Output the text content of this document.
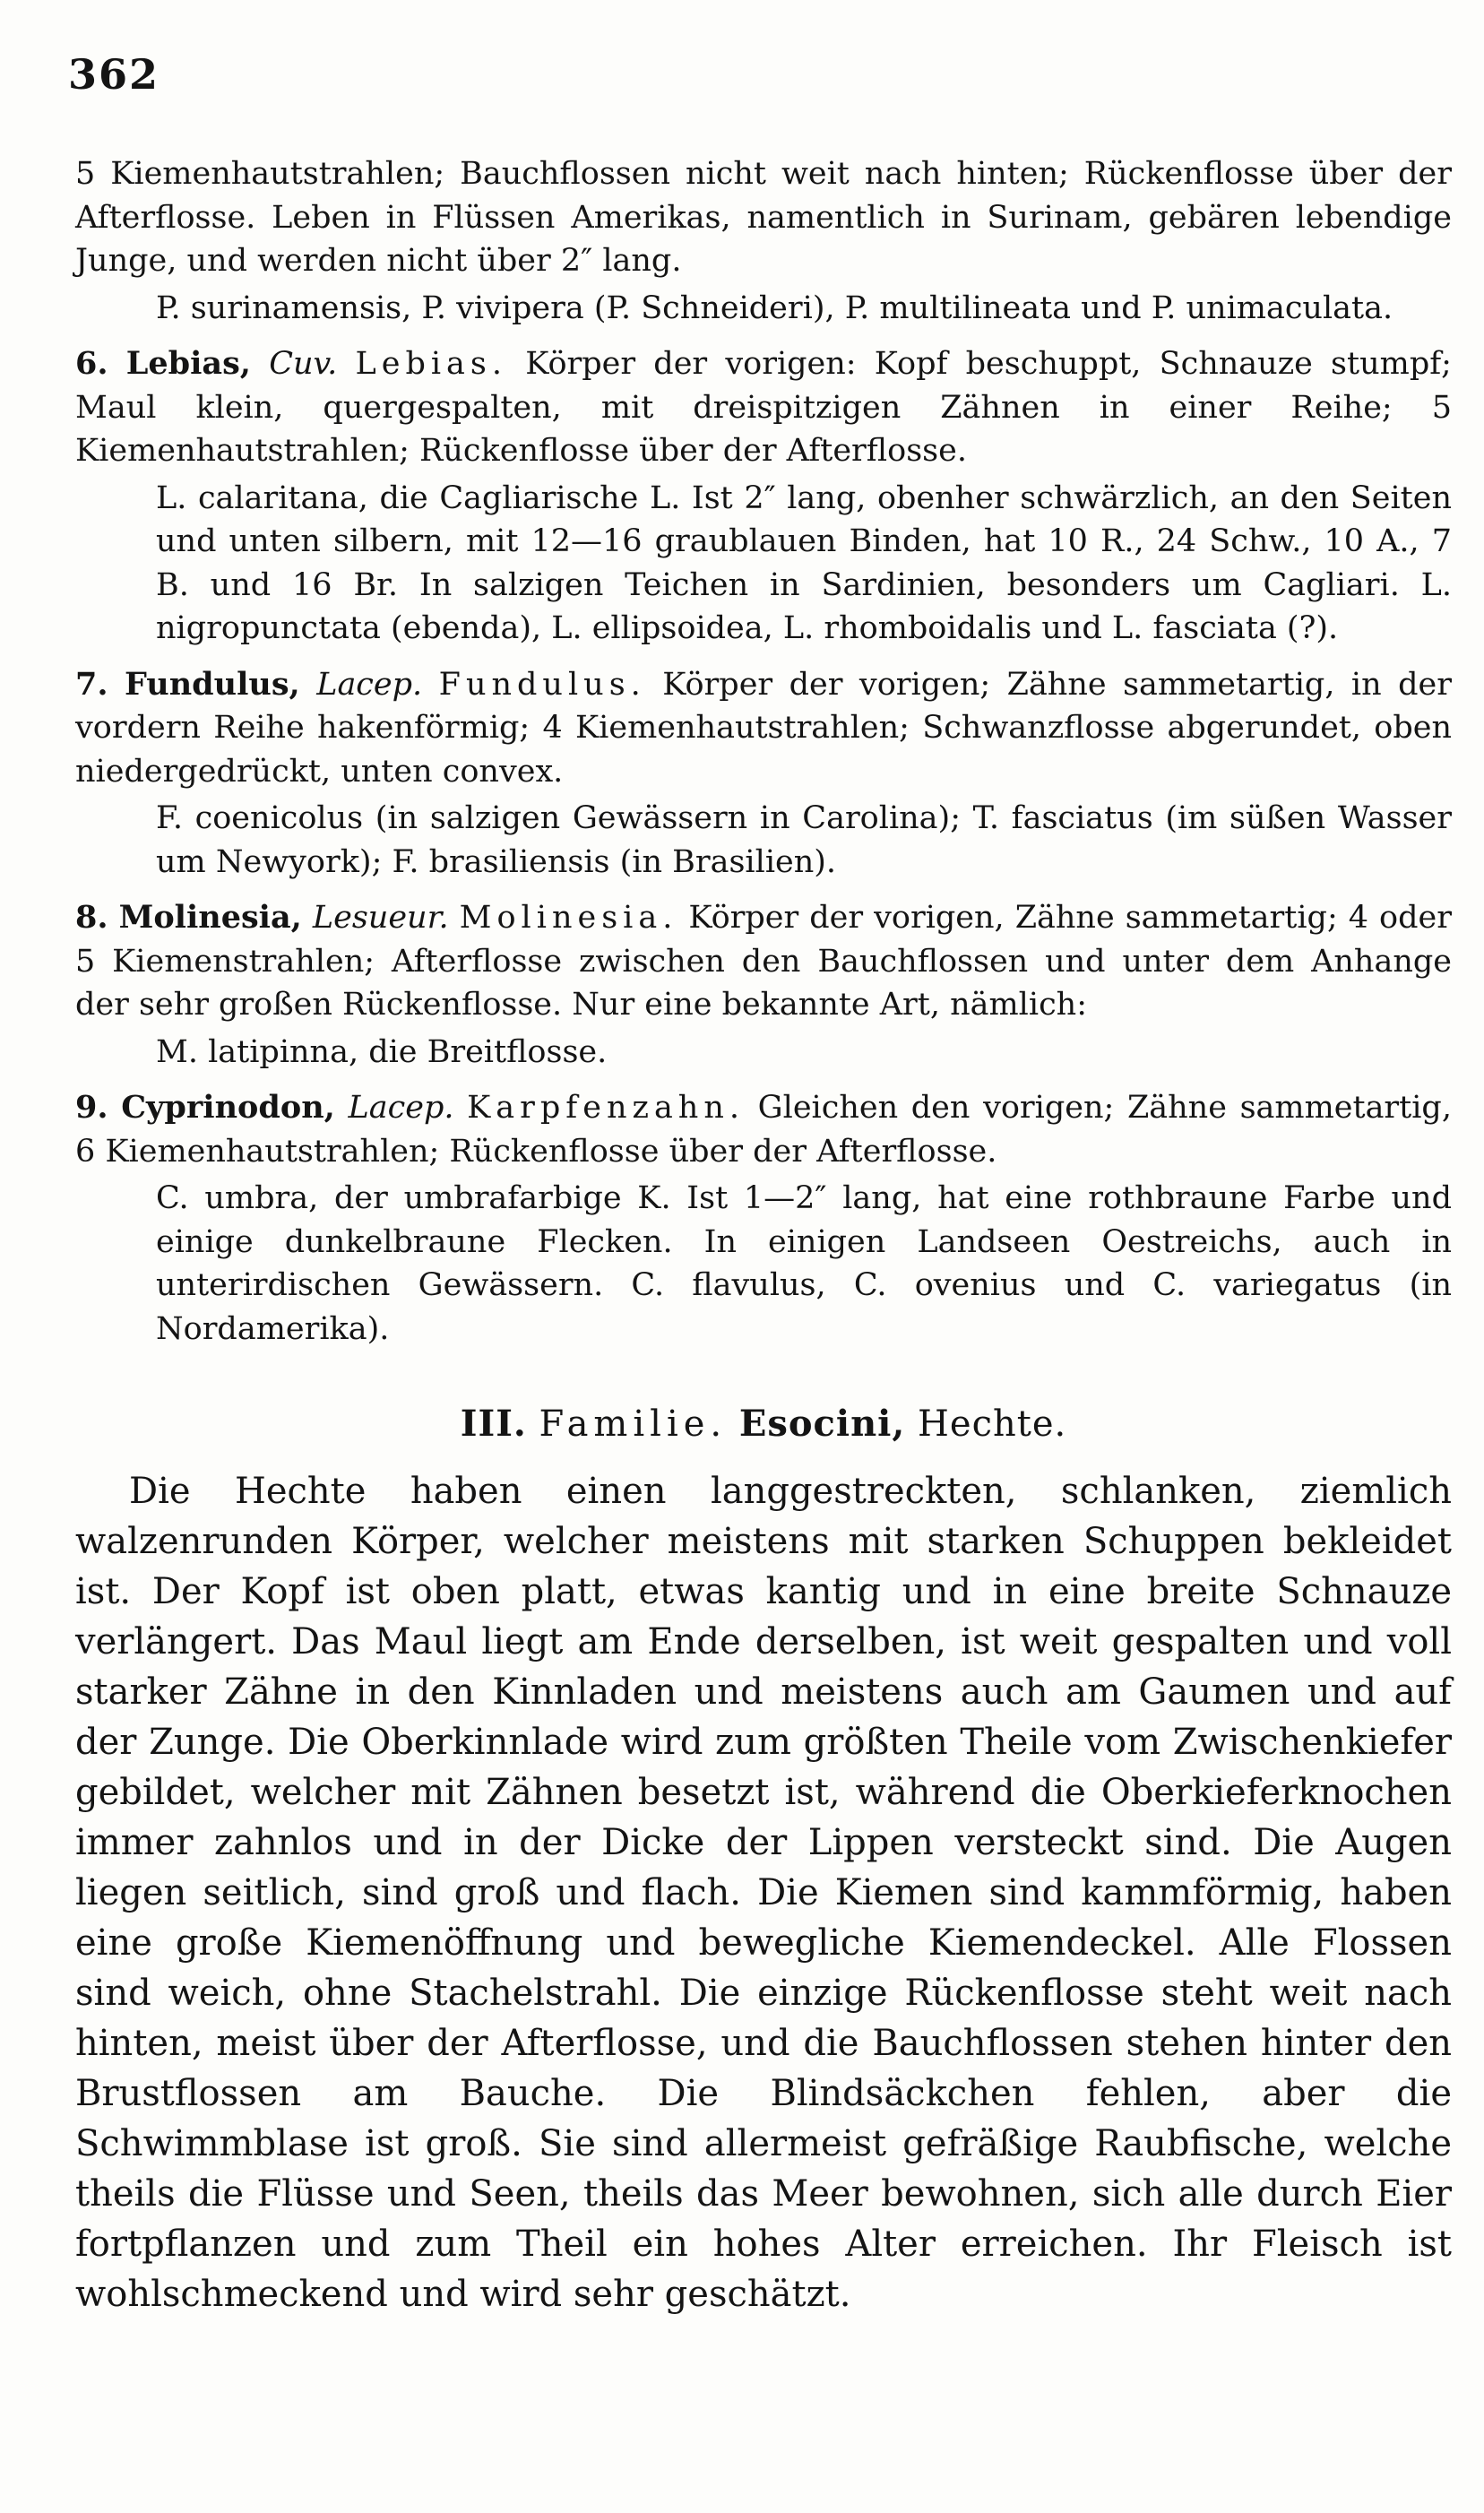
362

5 Kiemenhautstrahlen; Bauchflossen nicht weit nach hinten; Rückenflosse über der Afterflosse. Leben in Flüssen Amerikas, namentlich in Surinam, gebären lebendige Junge, und werden nicht über 2″ lang.

P. surinamensis, P. vivipera (P. Schneideri), P. multilineata und P. unimaculata.

6. Lebias, Cuv. Lebias. Körper der vorigen: Kopf beschuppt, Schnauze stumpf; Maul klein, quergespalten, mit dreispitzigen Zähnen in einer Reihe; 5 Kiemenhautstrahlen; Rückenflosse über der Afterflosse.

L. calaritana, die Cagliarische L. Ist 2″ lang, obenher schwärzlich, an den Seiten und unten silbern, mit 12—16 graublauen Binden, hat 10 R., 24 Schw., 10 A., 7 B. und 16 Br. In salzigen Teichen in Sardinien, besonders um Cagliari. L. nigropunctata (ebenda), L. ellipsoidea, L. rhomboidalis und L. fasciata (?).

7. Fundulus, Lacep. Fundulus. Körper der vorigen; Zähne sammetartig, in der vordern Reihe hakenförmig; 4 Kiemenhautstrahlen; Schwanzflosse abgerundet, oben niedergedrückt, unten convex.

F. coenicolus (in salzigen Gewässern in Carolina); T. fasciatus (im süßen Wasser um Newyork); F. brasiliensis (in Brasilien).

8. Molinesia, Lesueur. Molinesia. Körper der vorigen, Zähne sammetartig; 4 oder 5 Kiemenstrahlen; Afterflosse zwischen den Bauchflossen und unter dem Anhange der sehr großen Rückenflosse. Nur eine bekannte Art, nämlich:

M. latipinna, die Breitflosse.

9. Cyprinodon, Lacep. Karpfenzahn. Gleichen den vorigen; Zähne sammetartig, 6 Kiemenhautstrahlen; Rückenflosse über der Afterflosse.

C. umbra, der umbrafarbige K. Ist 1—2″ lang, hat eine rothbraune Farbe und einige dunkelbraune Flecken. In einigen Landseen Oestreichs, auch in unterirdischen Gewässern. C. flavulus, C. ovenius und C. variegatus (in Nordamerika).

III. Familie. Esocini, Hechte.

Die Hechte haben einen langgestreckten, schlanken, ziemlich walzenrunden Körper, welcher meistens mit starken Schuppen bekleidet ist. Der Kopf ist oben platt, etwas kantig und in eine breite Schnauze verlängert. Das Maul liegt am Ende derselben, ist weit gespalten und voll starker Zähne in den Kinnladen und meistens auch am Gaumen und auf der Zunge. Die Oberkinnlade wird zum größten Theile vom Zwischenkiefer gebildet, welcher mit Zähnen besetzt ist, während die Oberkieferknochen immer zahnlos und in der Dicke der Lippen versteckt sind. Die Augen liegen seitlich, sind groß und flach. Die Kiemen sind kammförmig, haben eine große Kiemenöffnung und bewegliche Kiemendeckel. Alle Flossen sind weich, ohne Stachelstrahl. Die einzige Rückenflosse steht weit nach hinten, meist über der Afterflosse, und die Bauchflossen stehen hinter den Brustflossen am Bauche. Die Blindsäckchen fehlen, aber die Schwimmblase ist groß. Sie sind allermeist gefräßige Raubfische, welche theils die Flüsse und Seen, theils das Meer bewohnen, sich alle durch Eier fortpflanzen und zum Theil ein hohes Alter erreichen. Ihr Fleisch ist wohlschmeckend und wird sehr geschätzt.
